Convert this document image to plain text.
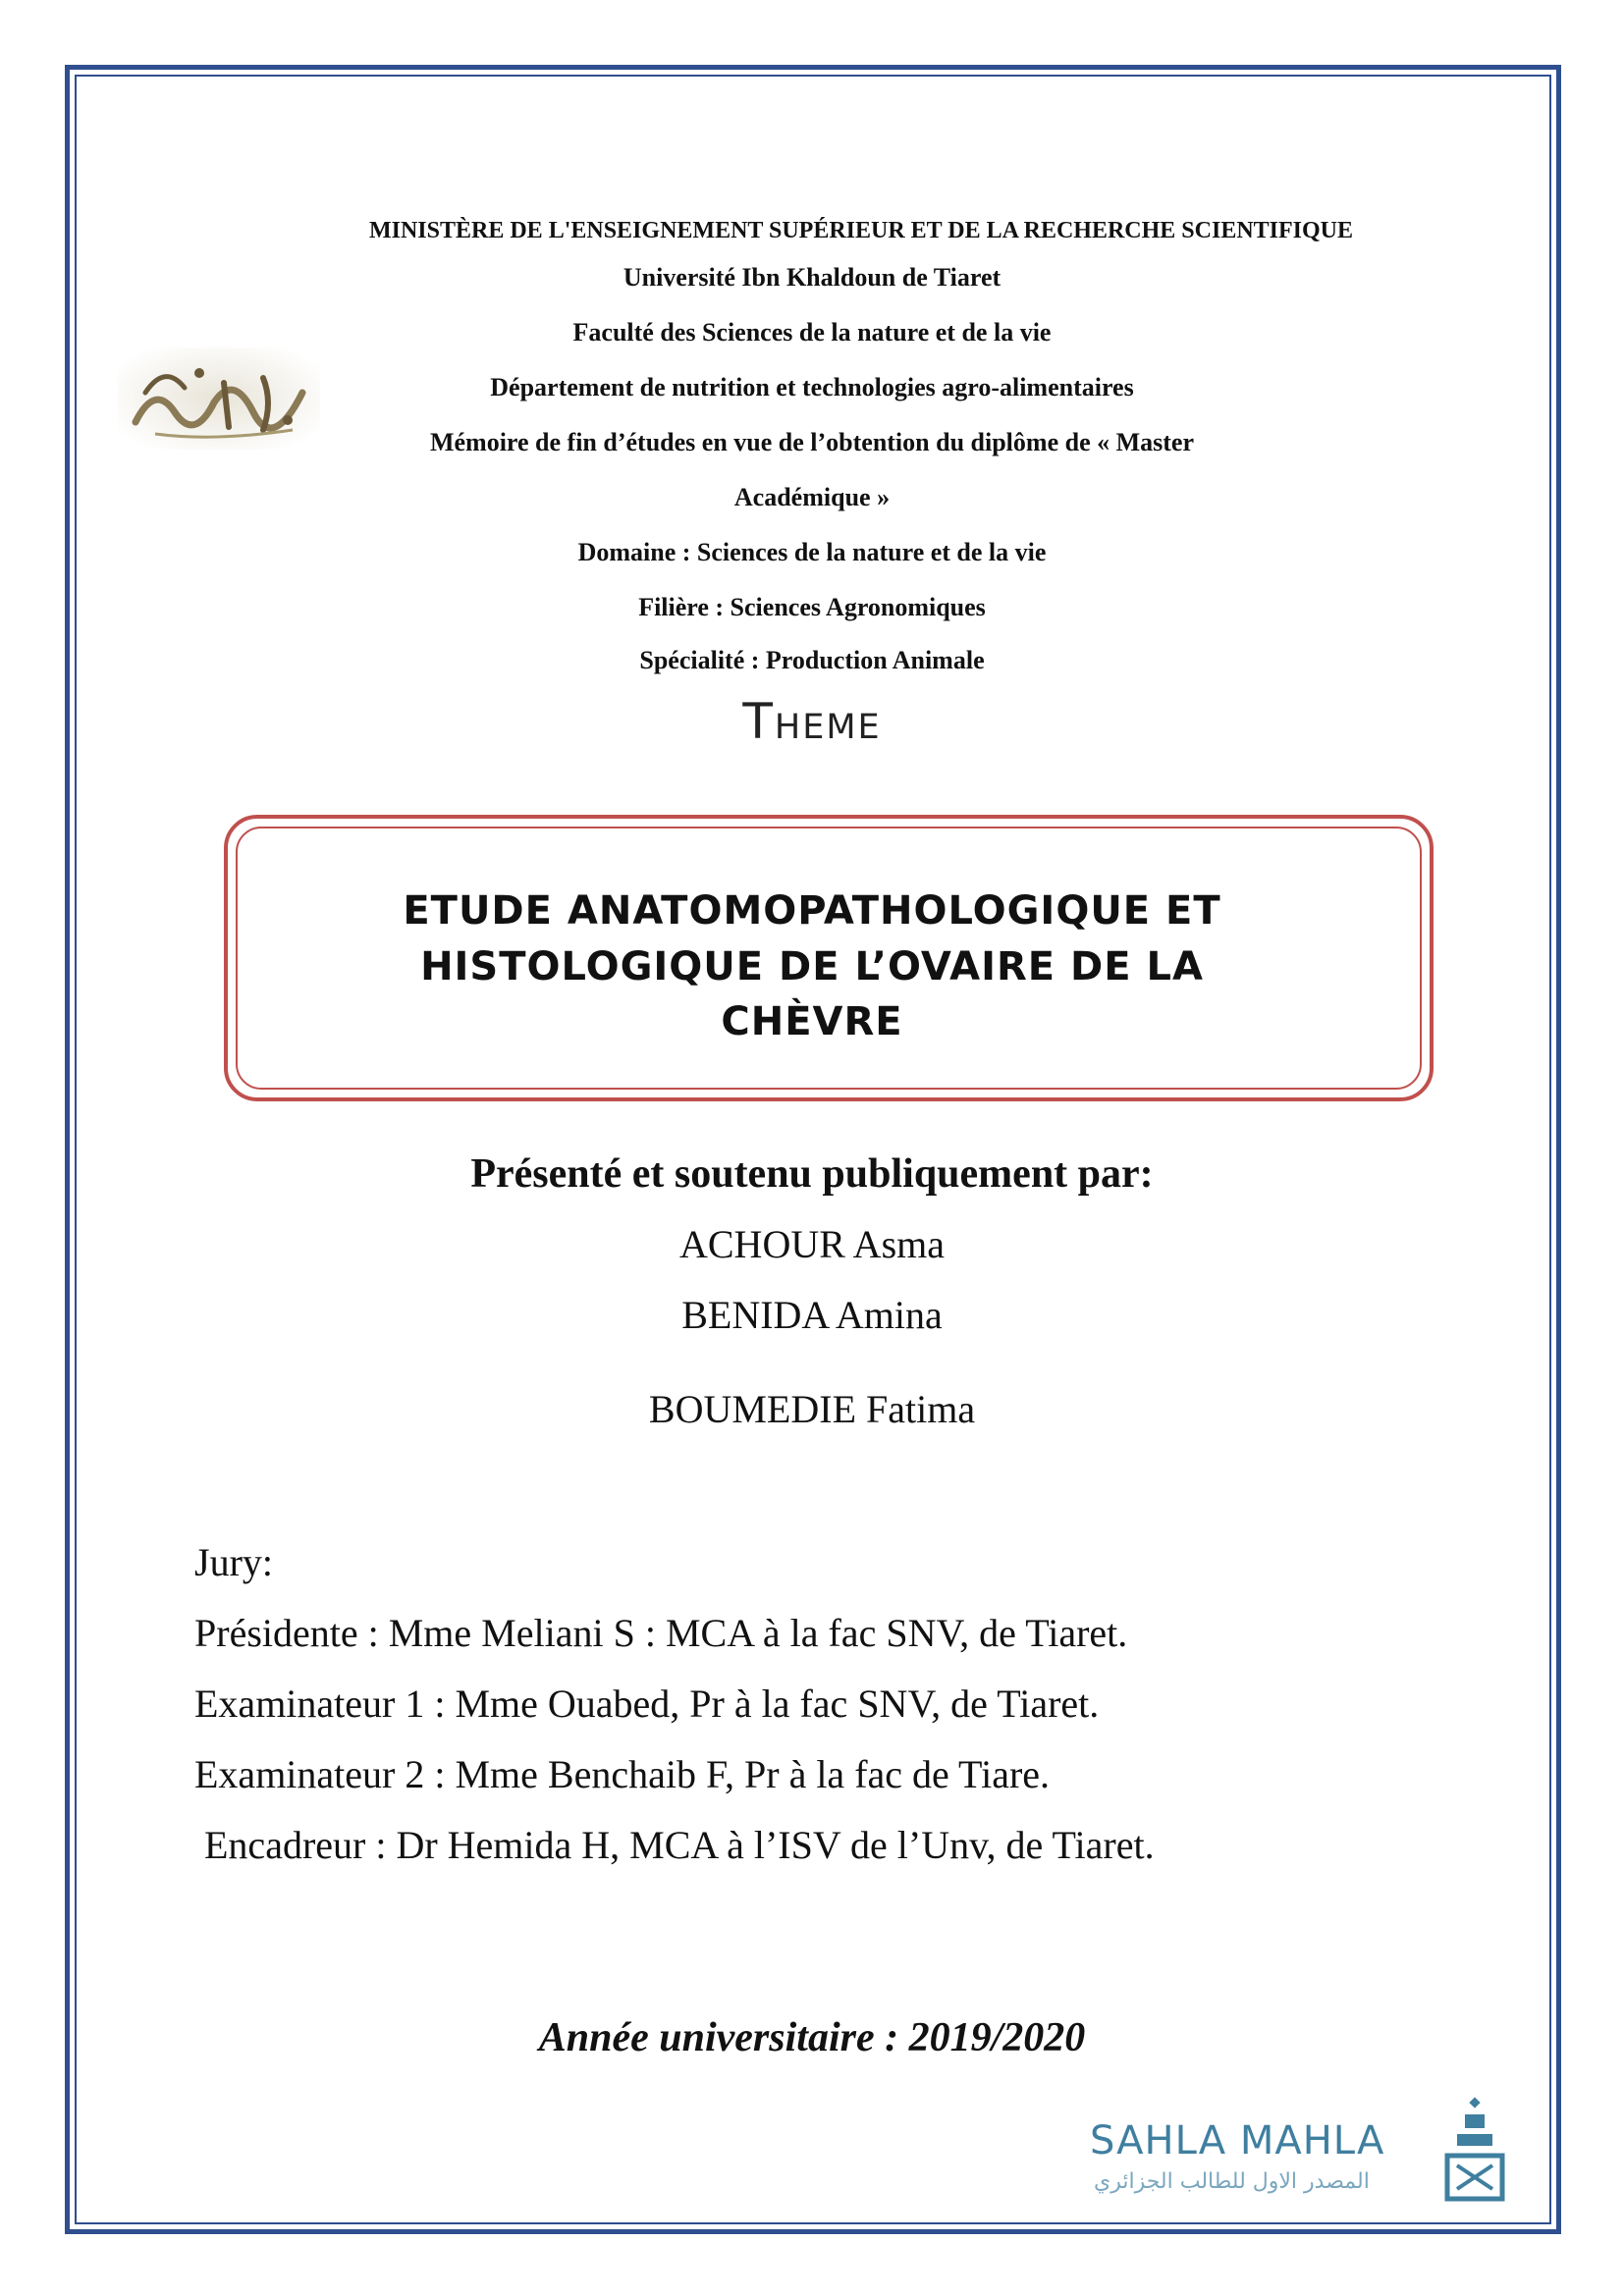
MINISTÈRE DE L'ENSEIGNEMENT SUPÉRIEUR ET DE LA RECHERCHE SCIENTIFIQUE
Université Ibn Khaldoun de Tiaret
Faculté des Sciences de la nature et de la vie
Département de nutrition et technologies agro-alimentaires
Mémoire de fin d’études en vue de l’obtention du diplôme de « Master
Académique »
Domaine : Sciences de la nature et de la vie
Filière : Sciences Agronomiques
Spécialité : Production Animale
Theme
ETUDE ANATOMOPATHOLOGIQUE ET
HISTOLOGIQUE DE L’OVAIRE DE LA
CHÈVRE
Présenté et soutenu publiquement par:
ACHOUR Asma
BENIDA Amina
BOUMEDIE Fatima
Jury:
Présidente : Mme Meliani S : MCA à la fac SNV, de Tiaret.
Examinateur 1 : Mme Ouabed, Pr à la fac SNV, de Tiaret.
Examinateur 2 : Mme Benchaib F, Pr à la fac de Tiare.
Encadreur : Dr Hemida H, MCA à l’ISV de l’Unv, de Tiaret.
Année universitaire : 2019/2020
SAHLA MAHLA
المصدر الاول للطالب الجزائري
